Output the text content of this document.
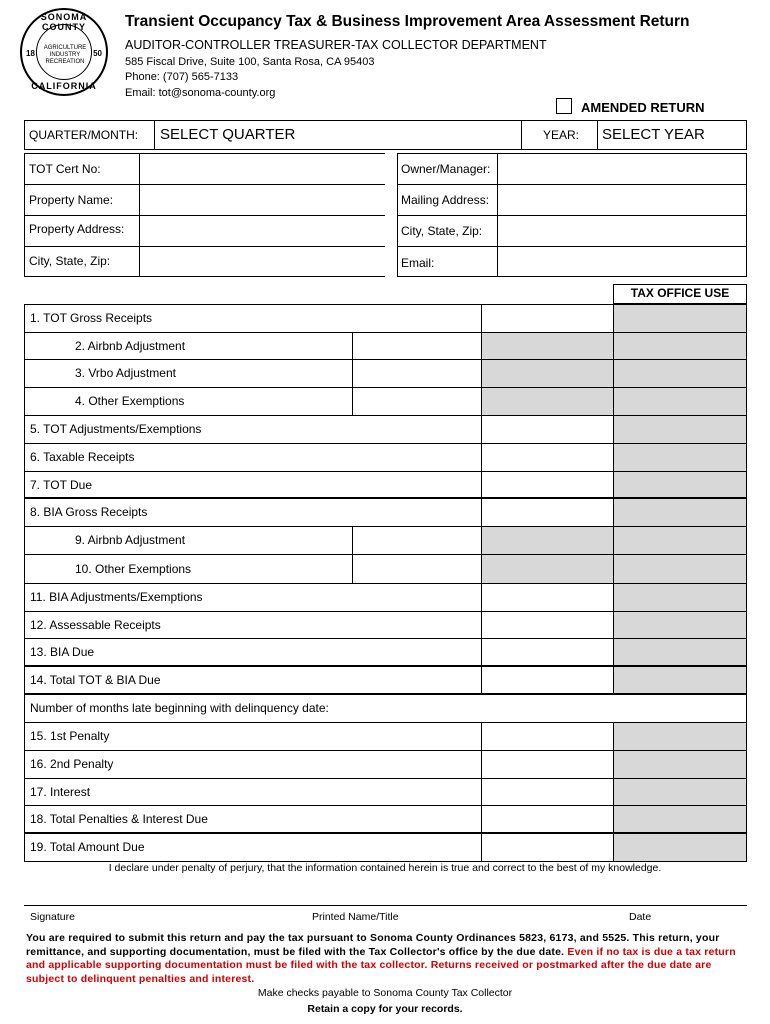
SONOMA COUNTY
18	50
AGRICULTURE INDUSTRY RECREATION
CALIFORNIA
Transient Occupancy Tax & Business Improvement Area Assessment Return
AUDITOR-CONTROLLER TREASURER-TAX COLLECTOR DEPARTMENT
585 Fiscal Drive, Suite 100, Santa Rosa, CA 95403
Phone: (707) 565-7133
Email: tot@sonoma-county.org
AMENDED RETURN
QUARTER/MONTH: SELECT QUARTER	YEAR: SELECT YEAR
TOT Cert No:
Property Name:
Property Address:
City, State, Zip:
Owner/Manager:
Mailing Address:
City, State, Zip:
Email:
TAX OFFICE USE
1. TOT Gross Receipts
2. Airbnb Adjustment
3. Vrbo Adjustment
4. Other Exemptions
5. TOT Adjustments/Exemptions
6. Taxable Receipts
7. TOT Due
8. BIA Gross Receipts
9. Airbnb Adjustment
10. Other Exemptions
11. BIA Adjustments/Exemptions
12. Assessable Receipts
13. BIA Due
14. Total TOT & BIA Due
Number of months late beginning with delinquency date:
15. 1st Penalty
16. 2nd Penalty
17. Interest
18. Total Penalties & Interest Due
19. Total Amount Due
I declare under penalty of perjury, that the information contained herein is true and correct to the best of my knowledge.
Signature	Printed Name/Title	Date
You are required to submit this return and pay the tax pursuant to Sonoma County Ordinances 5823, 6173, and 5525. This return, your remittance, and supporting documentation, must be filed with the Tax Collector's office by the due date. Even if no tax is due a tax return and applicable supporting documentation must be filed with the tax collector. Returns received or postmarked after the due date are subject to delinquent penalties and interest.
Make checks payable to Sonoma County Tax Collector
Retain a copy for your records.
